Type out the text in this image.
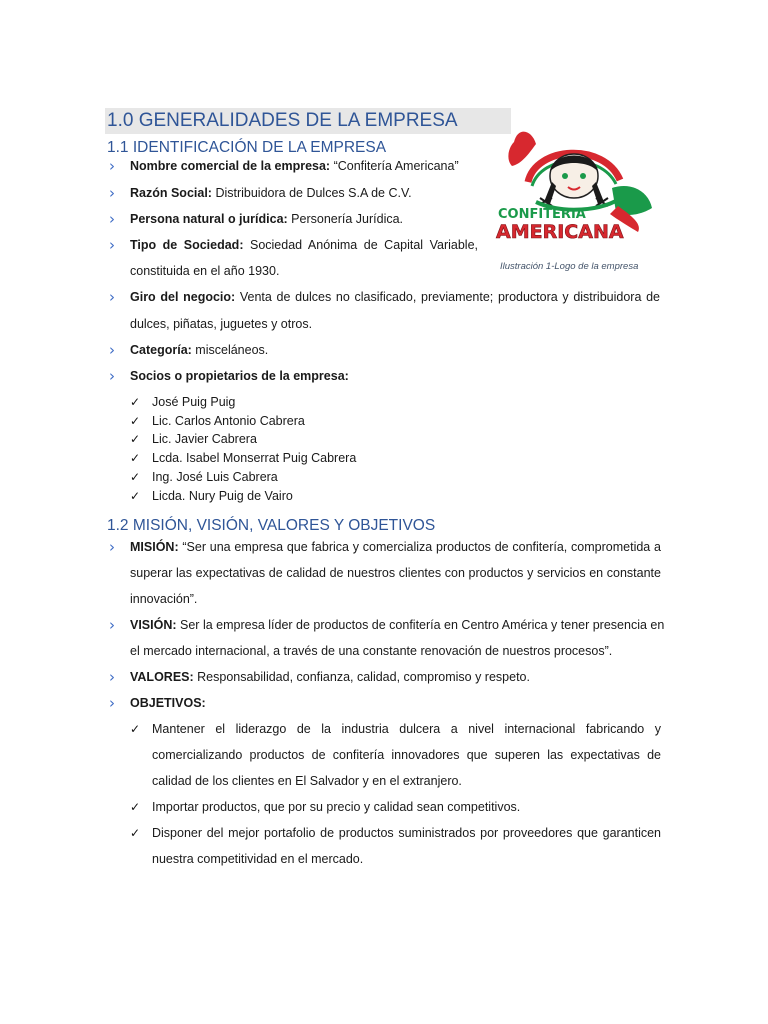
1.0 GENERALIDADES DE LA EMPRESA
1.1 IDENTIFICACIÓN DE LA EMPRESA
› Nombre comercial de la empresa: “Confitería Americana”
› Razón Social: Distribuidora de Dulces S.A de C.V.
› Persona natural o jurídica: Personería Jurídica.
› Tipo de Sociedad: Sociedad Anónima de Capital Variable,
constituida en el año 1930.
› Giro del negocio: Venta de dulces no clasificado, previamente; productora y distribuidora de
dulces, piñatas, juguetes y otros.
› Categoría: misceláneos.
› Socios o propietarios de la empresa:
✓ José Puig Puig
✓ Lic. Carlos Antonio Cabrera
✓ Lic. Javier Cabrera
✓ Lcda. Isabel Monserrat Puig Cabrera
✓ Ing. José Luis Cabrera
✓ Licda. Nury Puig de Vairo
CONFITERIA
AMERICANA
Ilustración 1-Logo de la empresa
1.2 MISIÓN, VISIÓN, VALORES Y OBJETIVOS
› MISIÓN: “Ser una empresa que fabrica y comercializa productos de confitería, comprometida a
superar las expectativas de calidad de nuestros clientes con productos y servicios en constante
innovación”.
› VISIÓN: Ser la empresa líder de productos de confitería en Centro América y tener presencia en
el mercado internacional, a través de una constante renovación de nuestros procesos”.
› VALORES: Responsabilidad, confianza, calidad, compromiso y respeto.
› OBJETIVOS:
✓ Mantener el liderazgo de la industria dulcera a nivel internacional fabricando y
comercializando productos de confitería innovadores que superen las expectativas de
calidad de los clientes en El Salvador y en el extranjero.
✓ Importar productos, que por su precio y calidad sean competitivos.
✓ Disponer del mejor portafolio de productos suministrados por proveedores que garanticen
nuestra competitividad en el mercado.
